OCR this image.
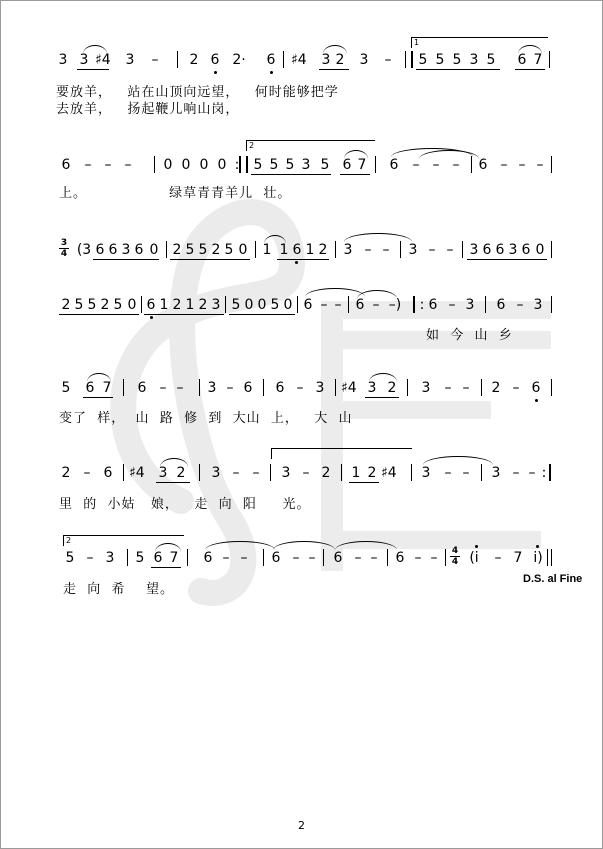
3 3 ♯4 3 – 2 6 2· 6 ♯4 3 2 3 – 5 5 5 3 5 6 7
1
要放羊，   站在山顶向远望，   何时能够把学
去放羊，   扬起鞭儿响山岗，
6 – – – 0 0 0 0 :	5 5 5 3 5 6 7 6 – – – 6 – – –
2
上。                绿草青青羊儿  壮。
3
4 (3 6 6 3 6 0 2 5 5 2 5 0 1 1 6 1 2 3 – – 3 – – 3 6 6 3 6 0
2 5 5 2 5 0 6 1 2 1 2 3 5 0 0 5 0 6 – – 6 – –)	: 6 – 3 6 – 3
如  今  山  乡
5 6 7 6 – – 3 – 6 6 – 3 ♯4 3 2 3 – – 2 – 6
变了  样，  山  路  修  到  大山  上，   大  山
2 – 6 ♯4 3 2 3 – – 3 – 2 1 2 ♯4 3 – – 3 – – :
里  的  小姑   娘，   走  向  阳     光。
5 – 3 5 6 7 6 – – 6 – – 6 – – 6 – –	4
4 (i	– 7 i)
2
D.S. al Fine
走  向  希    望。
2
